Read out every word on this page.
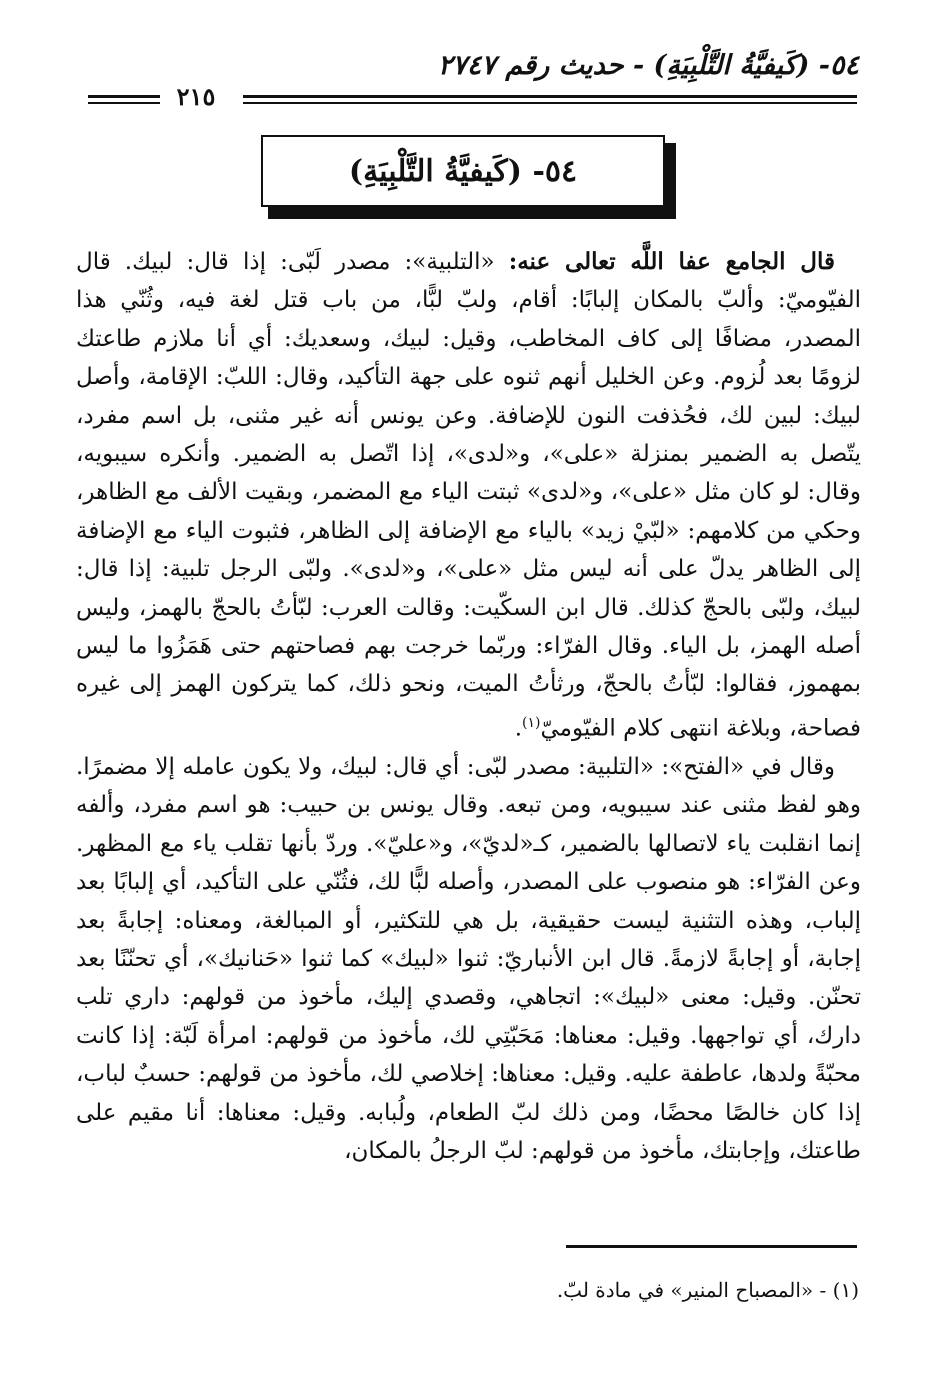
٥٤- (كَيفيَّةُ التَّلْبِيَةِ) - حديث رقم ٢٧٤٧
٢١٥
٥٤- (كَيفيَّةُ التَّلْبِيَةِ)

قال الجامع عفا اللَّه تعالى عنه: «التلبية»: مصدر لَبّى: إذا قال: لبيك. قال الفيّوميّ: وألبّ بالمكان إلبابًا: أقام، ولبّ لبًّا، من باب قتل لغة فيه، وثُنّي هذا المصدر، مضافًا إلى كاف المخاطب، وقيل: لبيك، وسعديك: أي أنا ملازم طاعتك لزومًا بعد لُزوم. وعن الخليل أنهم ثنوه على جهة التأكيد، وقال: اللبّ: الإقامة، وأصل لبيك: لبين لك، فحُذفت النون للإضافة. وعن يونس أنه غير مثنى، بل اسم مفرد، يتّصل به الضمير بمنزلة «على»، و«لدى»، إذا اتّصل به الضمير. وأنكره سيبويه، وقال: لو كان مثل «على»، و«لدى» ثبتت الياء مع المضمر، وبقيت الألف مع الظاهر، وحكي من كلامهم: «لبّيْ زيد» بالياء مع الإضافة إلى الظاهر، فثبوت الياء مع الإضافة إلى الظاهر يدلّ على أنه ليس مثل «على»، و«لدى». ولبّى الرجل تلبية: إذا قال: لبيك، ولبّى بالحجّ كذلك. قال ابن السكّيت: وقالت العرب: لبّأتُ بالحجّ بالهمز، وليس أصله الهمز، بل الياء. وقال الفرّاء: وربّما خرجت بهم فصاحتهم حتى هَمَزُوا ما ليس بمهموز، فقالوا: لبّأتُ بالحجّ، ورثأتُ الميت، ونحو ذلك، كما يتركون الهمز إلى غيره فصاحة، وبلاغة انتهى كلام الفيّوميّ$^{(١)}$.

وقال في «الفتح»: «التلبية: مصدر لبّى: أي قال: لبيك، ولا يكون عامله إلا مضمرًا. وهو لفظ مثنى عند سيبويه، ومن تبعه. وقال يونس بن حبيب: هو اسم مفرد، وألفه إنما انقلبت ياء لاتصالها بالضمير، كـ«لديّ»، و«عليّ». وردّ بأنها تقلب ياء مع المظهر. وعن الفرّاء: هو منصوب على المصدر، وأصله لبًّا لك، فثُنّي على التأكيد، أي إلبابًا بعد إلباب، وهذه التثنية ليست حقيقية، بل هي للتكثير، أو المبالغة، ومعناه: إجابةً بعد إجابة، أو إجابةً لازمةً. قال ابن الأنباريّ: ثنوا «لبيك» كما ثنوا «حَنانيك»، أي تحنّنًا بعد تحنّن. وقيل: معنى «لبيك»: اتجاهي، وقصدي إليك، مأخوذ من قولهم: داري تلب دارك، أي تواجهها. وقيل: معناها: مَحَبّتِي لك، مأخوذ من قولهم: امرأة لَبّة: إذا كانت محبّةً ولدها، عاطفة عليه. وقيل: معناها: إخلاصي لك، مأخوذ من قولهم: حسبٌ لباب، إذا كان خالصًا محضًا، ومن ذلك لبّ الطعام، ولُبابه. وقيل: معناها: أنا مقيم على طاعتك، وإجابتك، مأخوذ من قولهم: لبّ الرجلُ بالمكان،

(١) - «المصباح المنير» في مادة لبّ.
